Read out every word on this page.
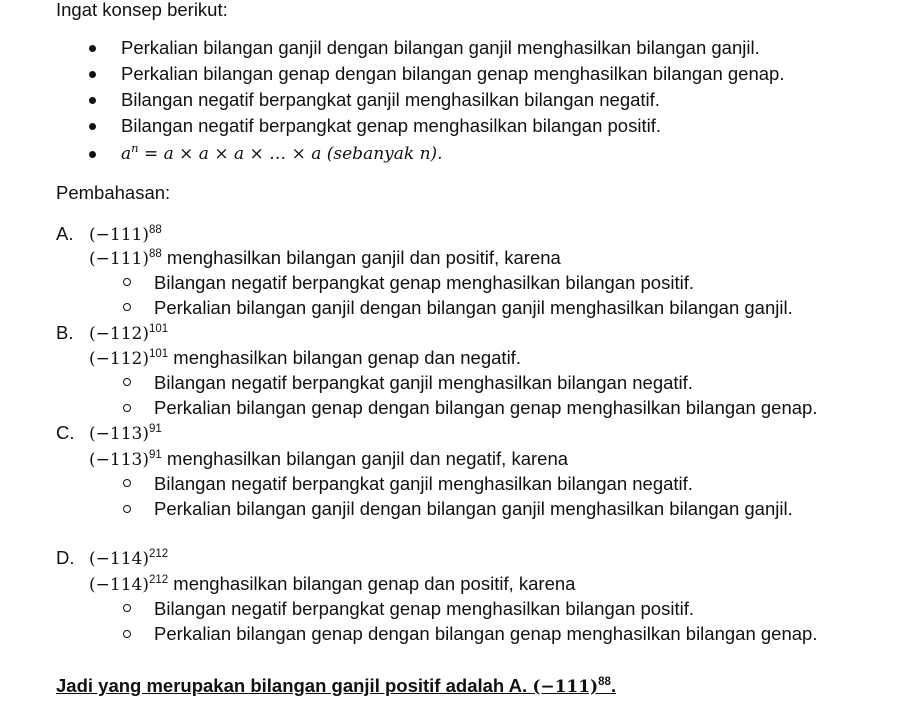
Ingat konsep berikut:
Perkalian bilangan ganjil dengan bilangan ganjil menghasilkan bilangan ganjil.
Perkalian bilangan genap dengan bilangan genap menghasilkan bilangan genap.
Bilangan negatif berpangkat ganjil menghasilkan bilangan negatif.
Bilangan negatif berpangkat genap menghasilkan bilangan positif.
$a^n = a \times a \times a$ × … × a (sebanyak n).
Pembahasan:
A. $(-111)^{88}$
$(-111)^{88}$ menghasilkan bilangan ganjil dan positif, karena
Bilangan negatif berpangkat genap menghasilkan bilangan positif.
Perkalian bilangan ganjil dengan bilangan ganjil menghasilkan bilangan ganjil.
B. $(-112)^{101}$
$(-112)^{101}$ menghasilkan bilangan genap dan negatif.
Bilangan negatif berpangkat ganjil menghasilkan bilangan negatif.
Perkalian bilangan genap dengan bilangan genap menghasilkan bilangan genap.
C. $(-113)^{91}$
$(-113)^{91}$ menghasilkan bilangan ganjil dan negatif, karena
Bilangan negatif berpangkat ganjil menghasilkan bilangan negatif.
Perkalian bilangan ganjil dengan bilangan ganjil menghasilkan bilangan ganjil.
D. $(-114)^{212}$
$(-114)^{212}$ menghasilkan bilangan genap dan positif, karena
Bilangan negatif berpangkat genap menghasilkan bilangan positif.
Perkalian bilangan genap dengan bilangan genap menghasilkan bilangan genap.
Jadi yang merupakan bilangan ganjil positif adalah A. $(-111)^{88}$.
